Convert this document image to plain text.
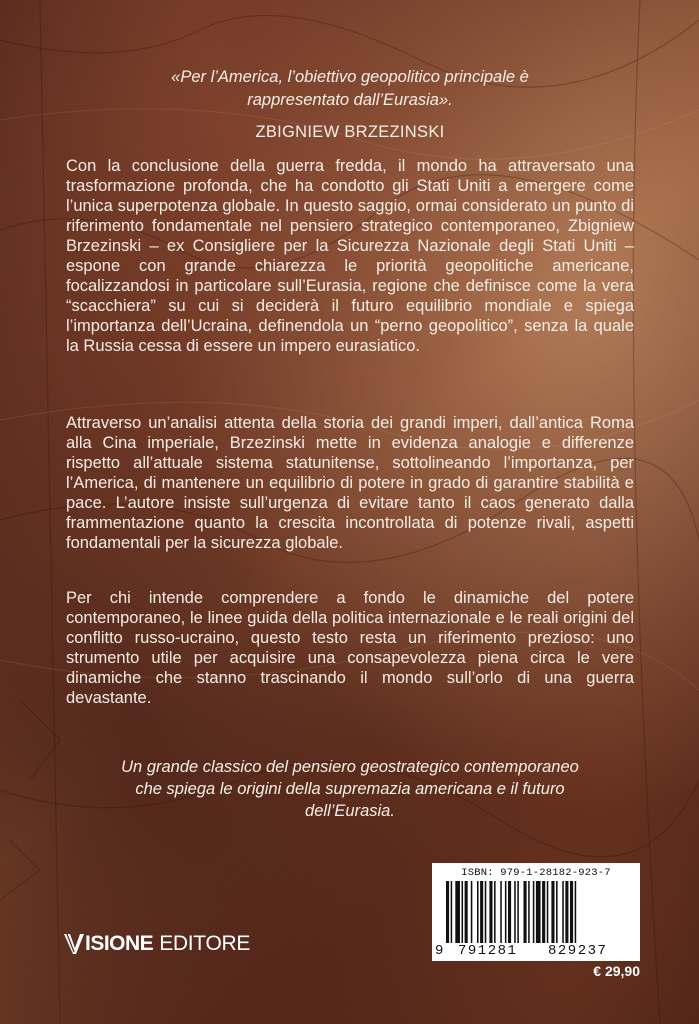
«Per l’America, l’obiettivo geopolitico principale è
rappresentato dall’Eurasia».
ZBIGNIEW BRZEZINSKI

Con la conclusione della guerra fredda, il mondo ha attraversato una trasformazione profonda, che ha condotto gli Stati Uniti a emergere come l’unica superpotenza globale. In questo saggio, ormai considerato un punto di riferimento fondamentale nel pensiero strategico contemporaneo, Zbigniew Brzezinski – ex Consigliere per la Sicurezza Nazionale degli Stati Uniti – espone con grande chiarezza le priorità geopolitiche americane, focalizzandosi in particolare sull’Eurasia, regione che definisce come la vera “scacchiera” su cui si deciderà il futuro equilibrio mondiale e spiega l’importanza dell’Ucraina, definendola un “perno geopolitico”, senza la quale la Russia cessa di essere un impero eurasiatico.

Attraverso un’analisi attenta della storia dei grandi imperi, dall’antica Roma alla Cina imperiale, Brzezinski mette in evidenza analogie e differenze rispetto all’attuale sistema statunitense, sottolineando l’importanza, per l’America, di mantenere un equilibrio di potere in grado di garantire stabilità e pace. L’autore insiste sull’urgenza di evitare tanto il caos generato dalla frammentazione quanto la crescita incontrollata di potenze rivali, aspetti fondamentali per la sicurezza globale.

Per chi intende comprendere a fondo le dinamiche del potere contemporaneo, le linee guida della politica internazionale e le reali origini del conflitto russo-ucraino, questo testo resta un riferimento prezioso: uno strumento utile per acquisire una consapevolezza piena circa le vere dinamiche che stanno trascinando il mondo sull’orlo di una guerra devastante.

Un grande classico del pensiero geostrategico contemporaneo
che spiega le origini della supremazia americana e il futuro
dell’Eurasia.
ISIONE EDITORE
ISBN: 979-1-28182-923-7
9 791281 829237
€ 29,90
